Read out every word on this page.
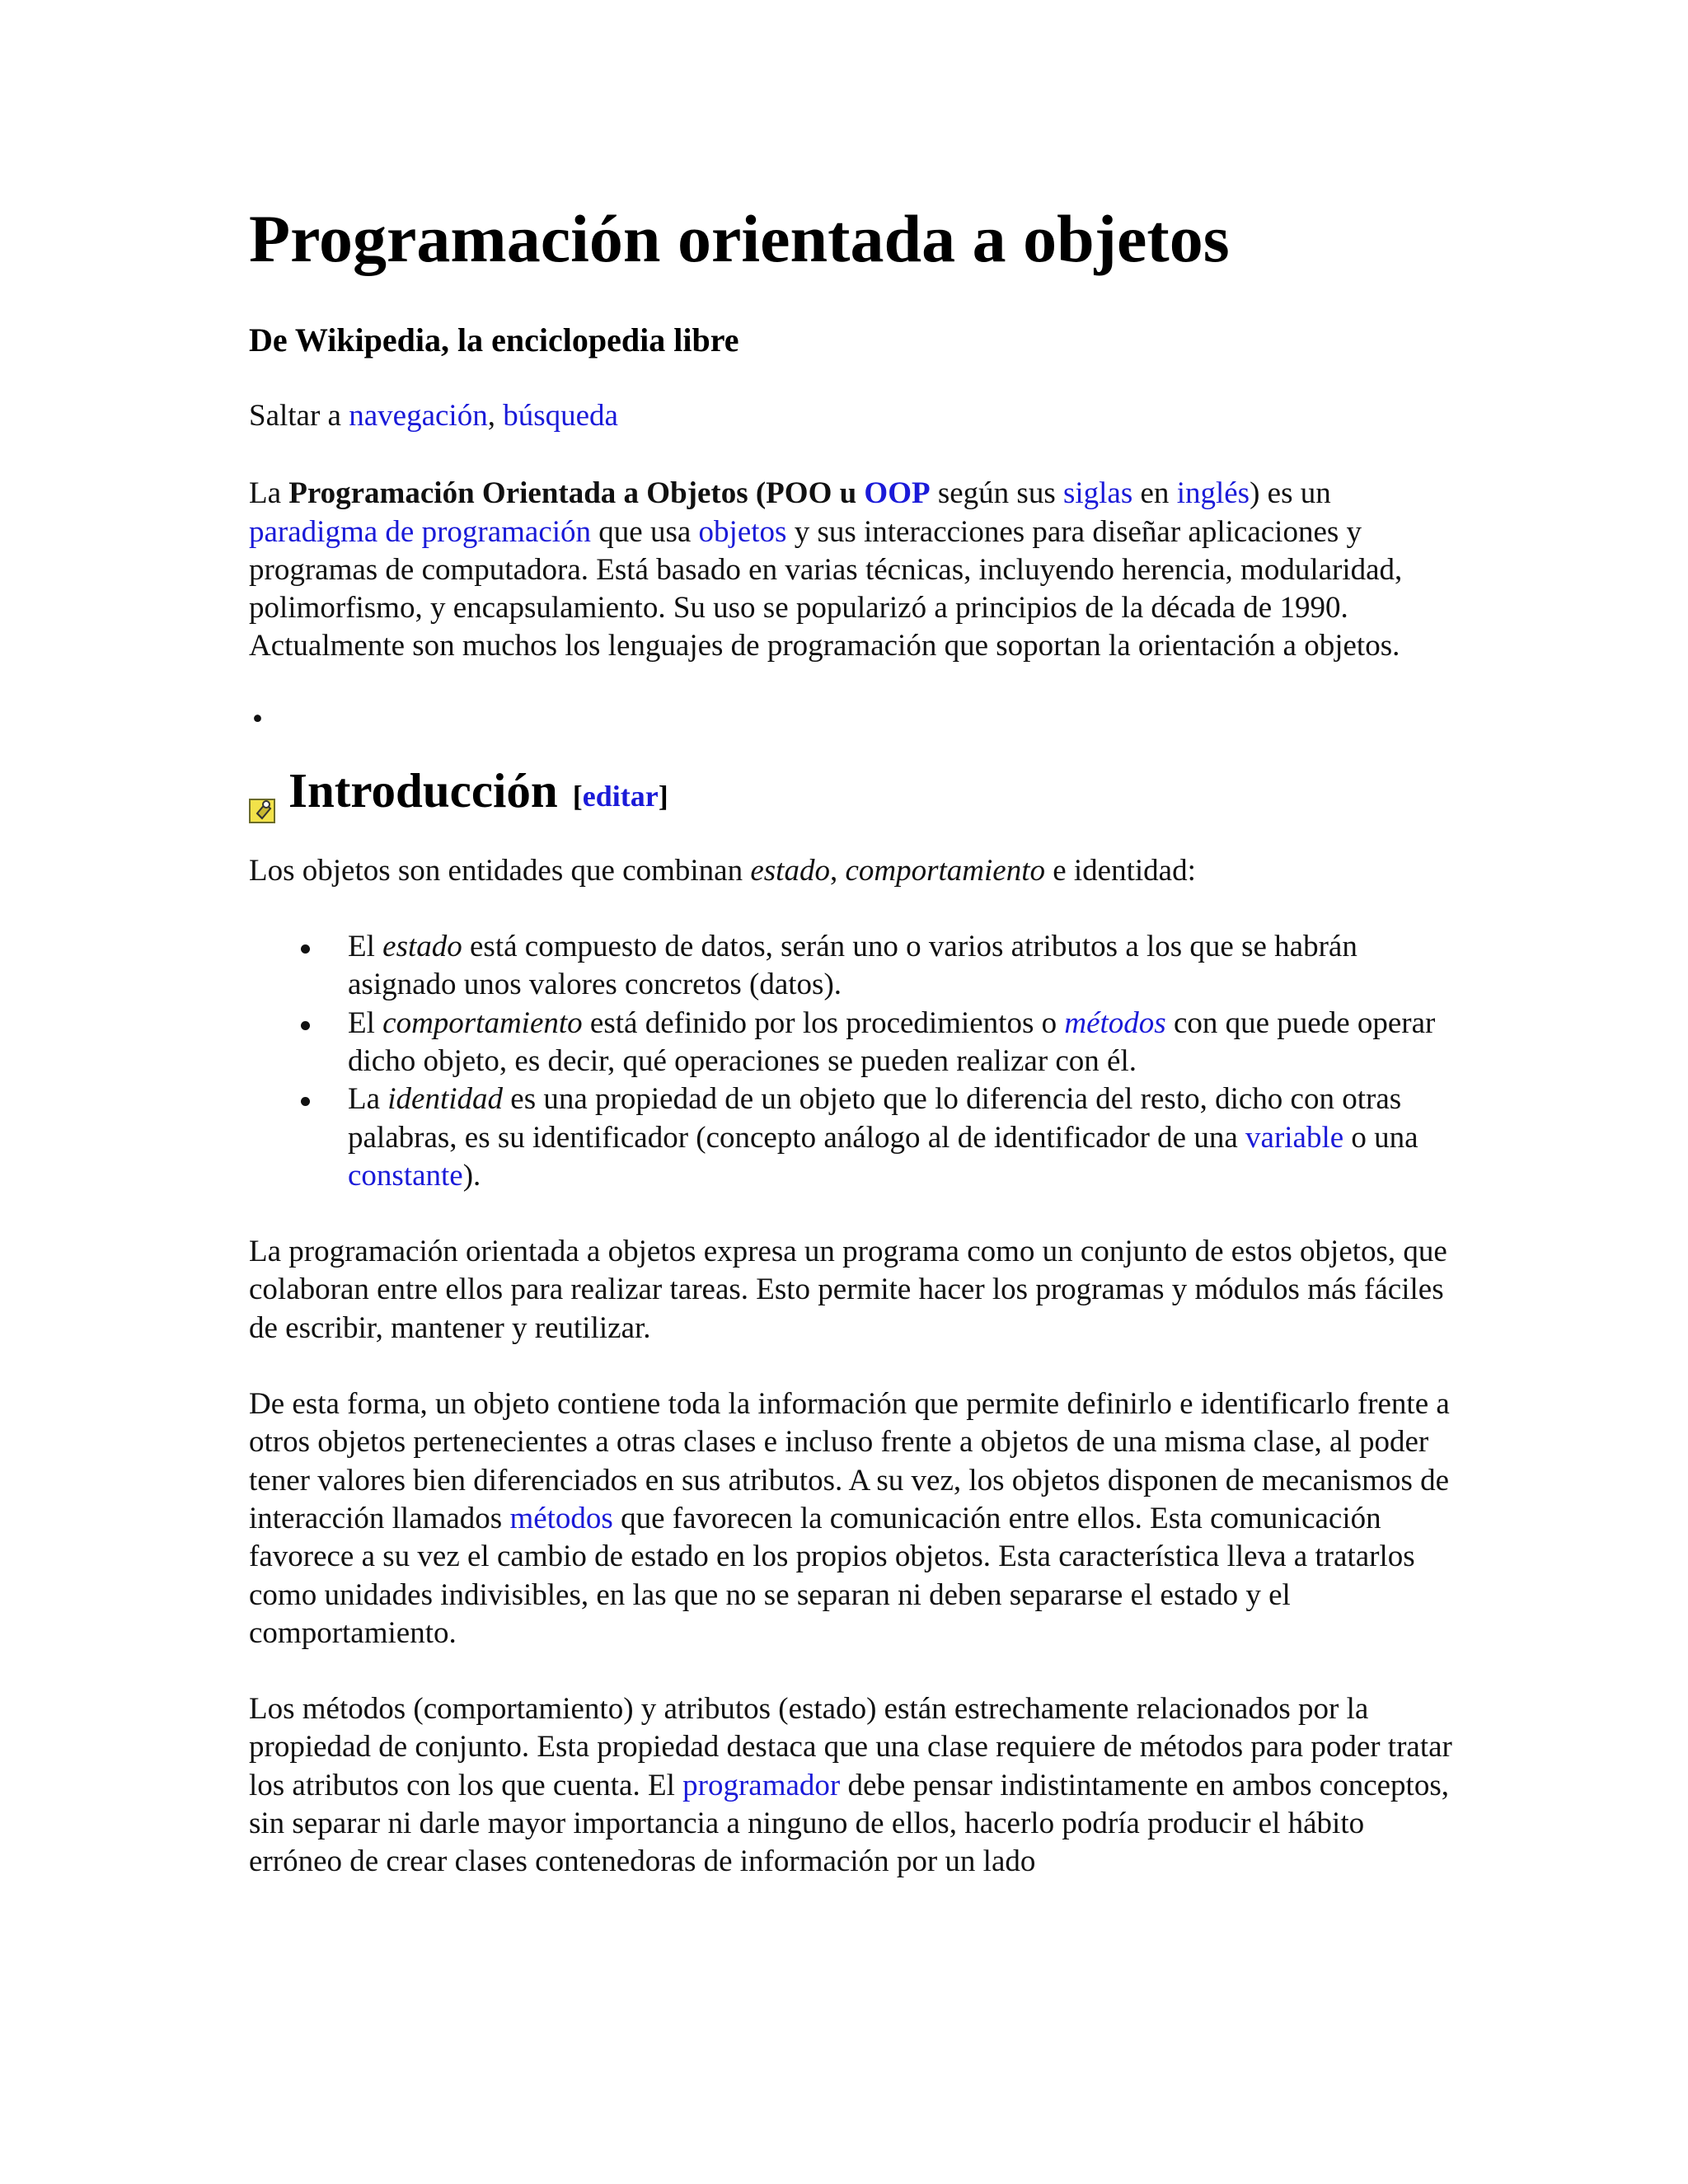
Programación orientada a objetos
De Wikipedia, la enciclopedia libre

Saltar a navegación, búsqueda

La Programación Orientada a Objetos (POO u OOP según sus siglas en inglés) es un paradigma de programación que usa objetos y sus interacciones para diseñar aplicaciones y programas de computadora. Está basado en varias técnicas, incluyendo herencia, modularidad, polimorfismo, y encapsulamiento. Su uso se popularizó a principios de la década de 1990. Actualmente son muchos los lenguajes de programación que soportan la orientación a objetos.

•
Introducción [editar]

Los objetos son entidades que combinan estado, comportamiento e identidad:

El estado está compuesto de datos, serán uno o varios atributos a los que se habrán asignado unos valores concretos (datos).
El comportamiento está definido por los procedimientos o métodos con que puede operar dicho objeto, es decir, qué operaciones se pueden realizar con él.
La identidad es una propiedad de un objeto que lo diferencia del resto, dicho con otras palabras, es su identificador (concepto análogo al de identificador de una variable o una constante).

La programación orientada a objetos expresa un programa como un conjunto de estos objetos, que colaboran entre ellos para realizar tareas. Esto permite hacer los programas y módulos más fáciles de escribir, mantener y reutilizar.

De esta forma, un objeto contiene toda la información que permite definirlo e identificarlo frente a otros objetos pertenecientes a otras clases e incluso frente a objetos de una misma clase, al poder tener valores bien diferenciados en sus atributos. A su vez, los objetos disponen de mecanismos de interacción llamados métodos que favorecen la comunicación entre ellos. Esta comunicación favorece a su vez el cambio de estado en los propios objetos. Esta característica lleva a tratarlos como unidades indivisibles, en las que no se separan ni deben separarse el estado y el comportamiento.

Los métodos (comportamiento) y atributos (estado) están estrechamente relacionados por la propiedad de conjunto. Esta propiedad destaca que una clase requiere de métodos para poder tratar los atributos con los que cuenta. El programador debe pensar indistintamente en ambos conceptos, sin separar ni darle mayor importancia a ninguno de ellos, hacerlo podría producir el hábito erróneo de crear clases contenedoras de información por un lado
